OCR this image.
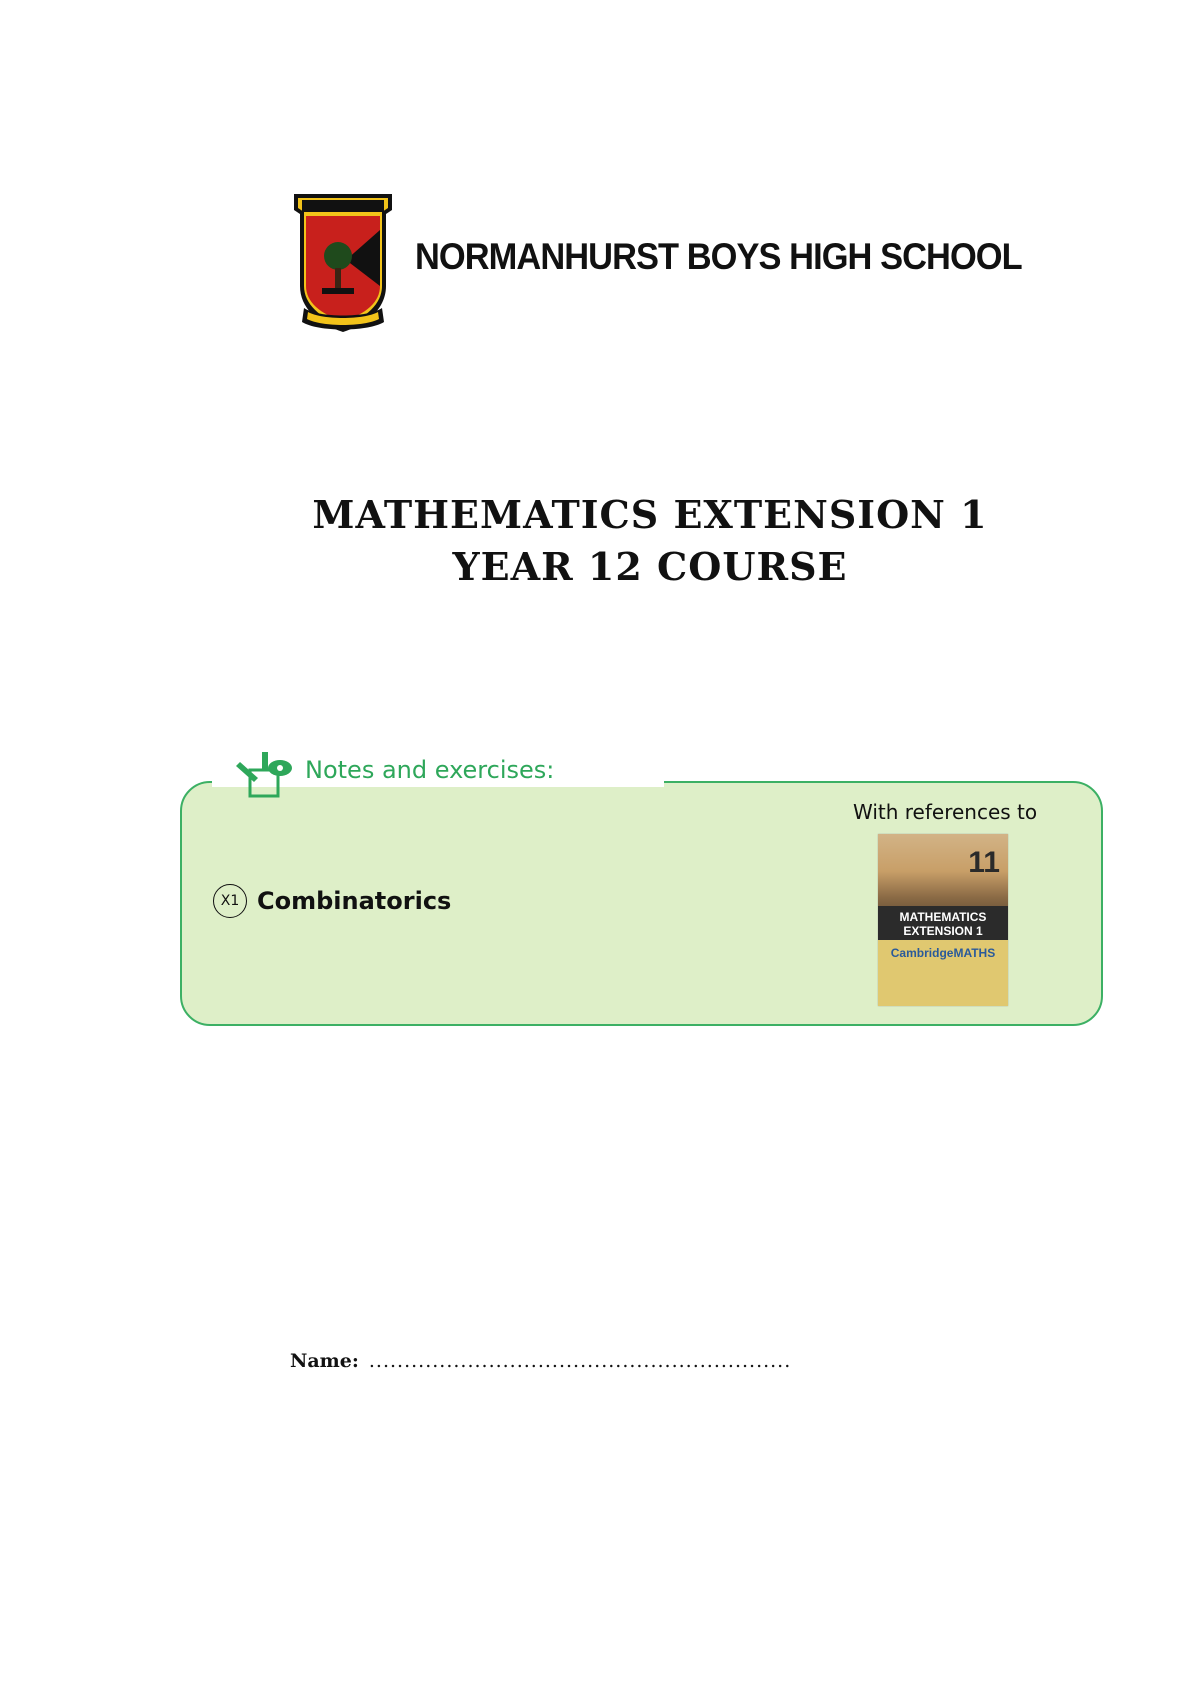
NORMANHURST BOYS HIGH SCHOOL
MATHEMATICS EXTENSION 1
YEAR 12 COURSE
Notes and exercises:
With references to
X1 Combinatorics
11
MATHEMATICS
EXTENSION 1
CambridgeMATHS
Name: ............................................................
